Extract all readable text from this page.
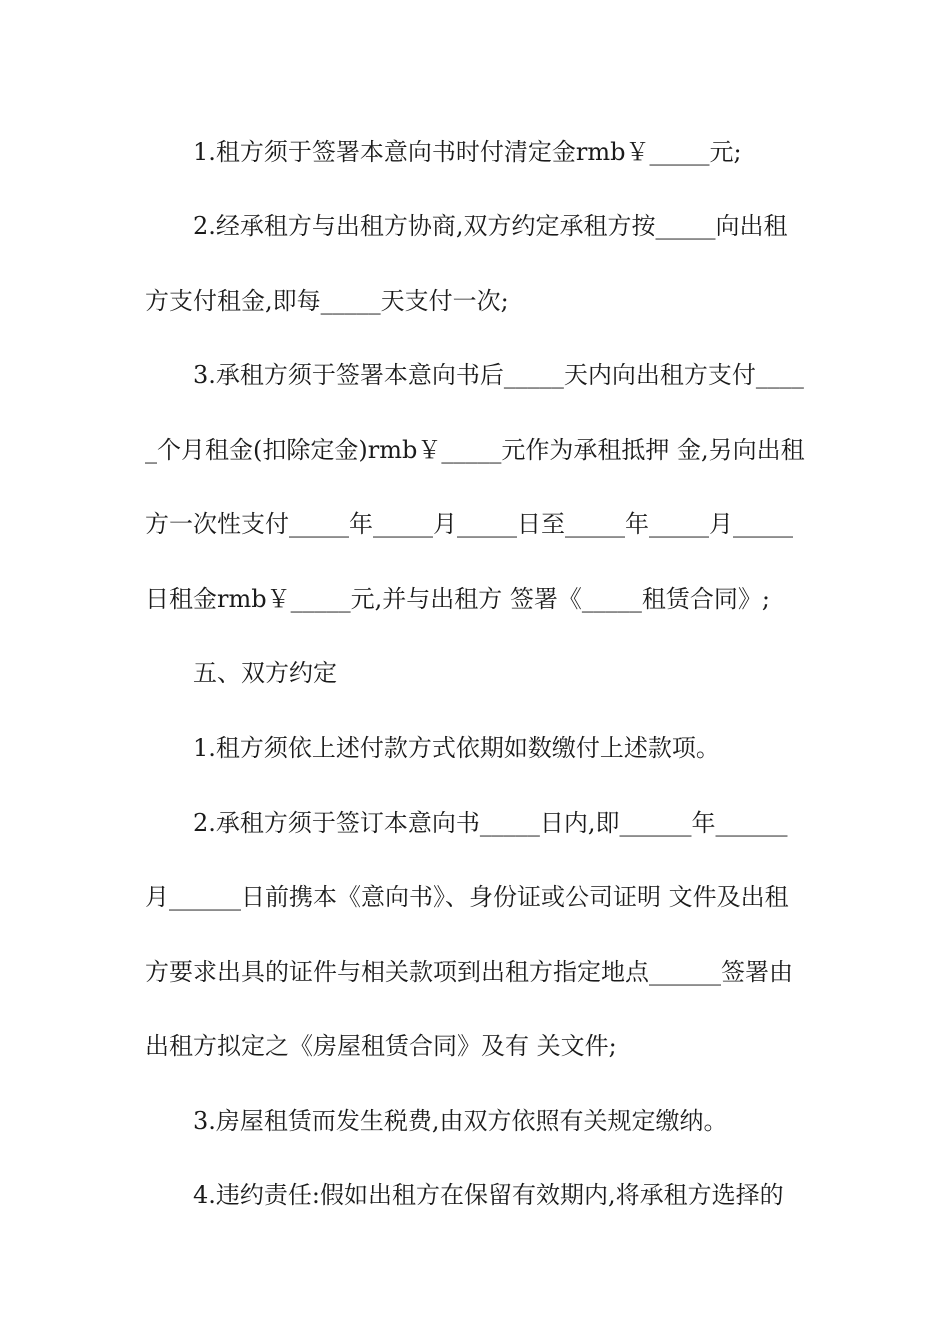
1.租方须于签署本意向书时付清定金rmb￥_____元;
2.经承租方与出租方协商,双方约定承租方按_____向出租
方支付租金,即每_____天支付一次;
3.承租方须于签署本意向书后_____天内向出租方支付____
_个月租金(扣除定金)rmb￥_____元作为承租抵押 金,另向出租
方一次性支付_____年_____月_____日至_____年_____月_____
日租金rmb￥_____元,并与出租方 签署《_____租赁合同》;
五、双方约定
1.租方须依上述付款方式依期如数缴付上述款项。
2.承租方须于签订本意向书_____日内,即______年______
月______日前携本《意向书》、身份证或公司证明 文件及出租
方要求出具的证件与相关款项到出租方指定地点______签署由
出租方拟定之《房屋租赁合同》及有 关文件;
3.房屋租赁而发生税费,由双方依照有关规定缴纳。
4.违约责任:假如出租方在保留有效期内,将承租方选择的
